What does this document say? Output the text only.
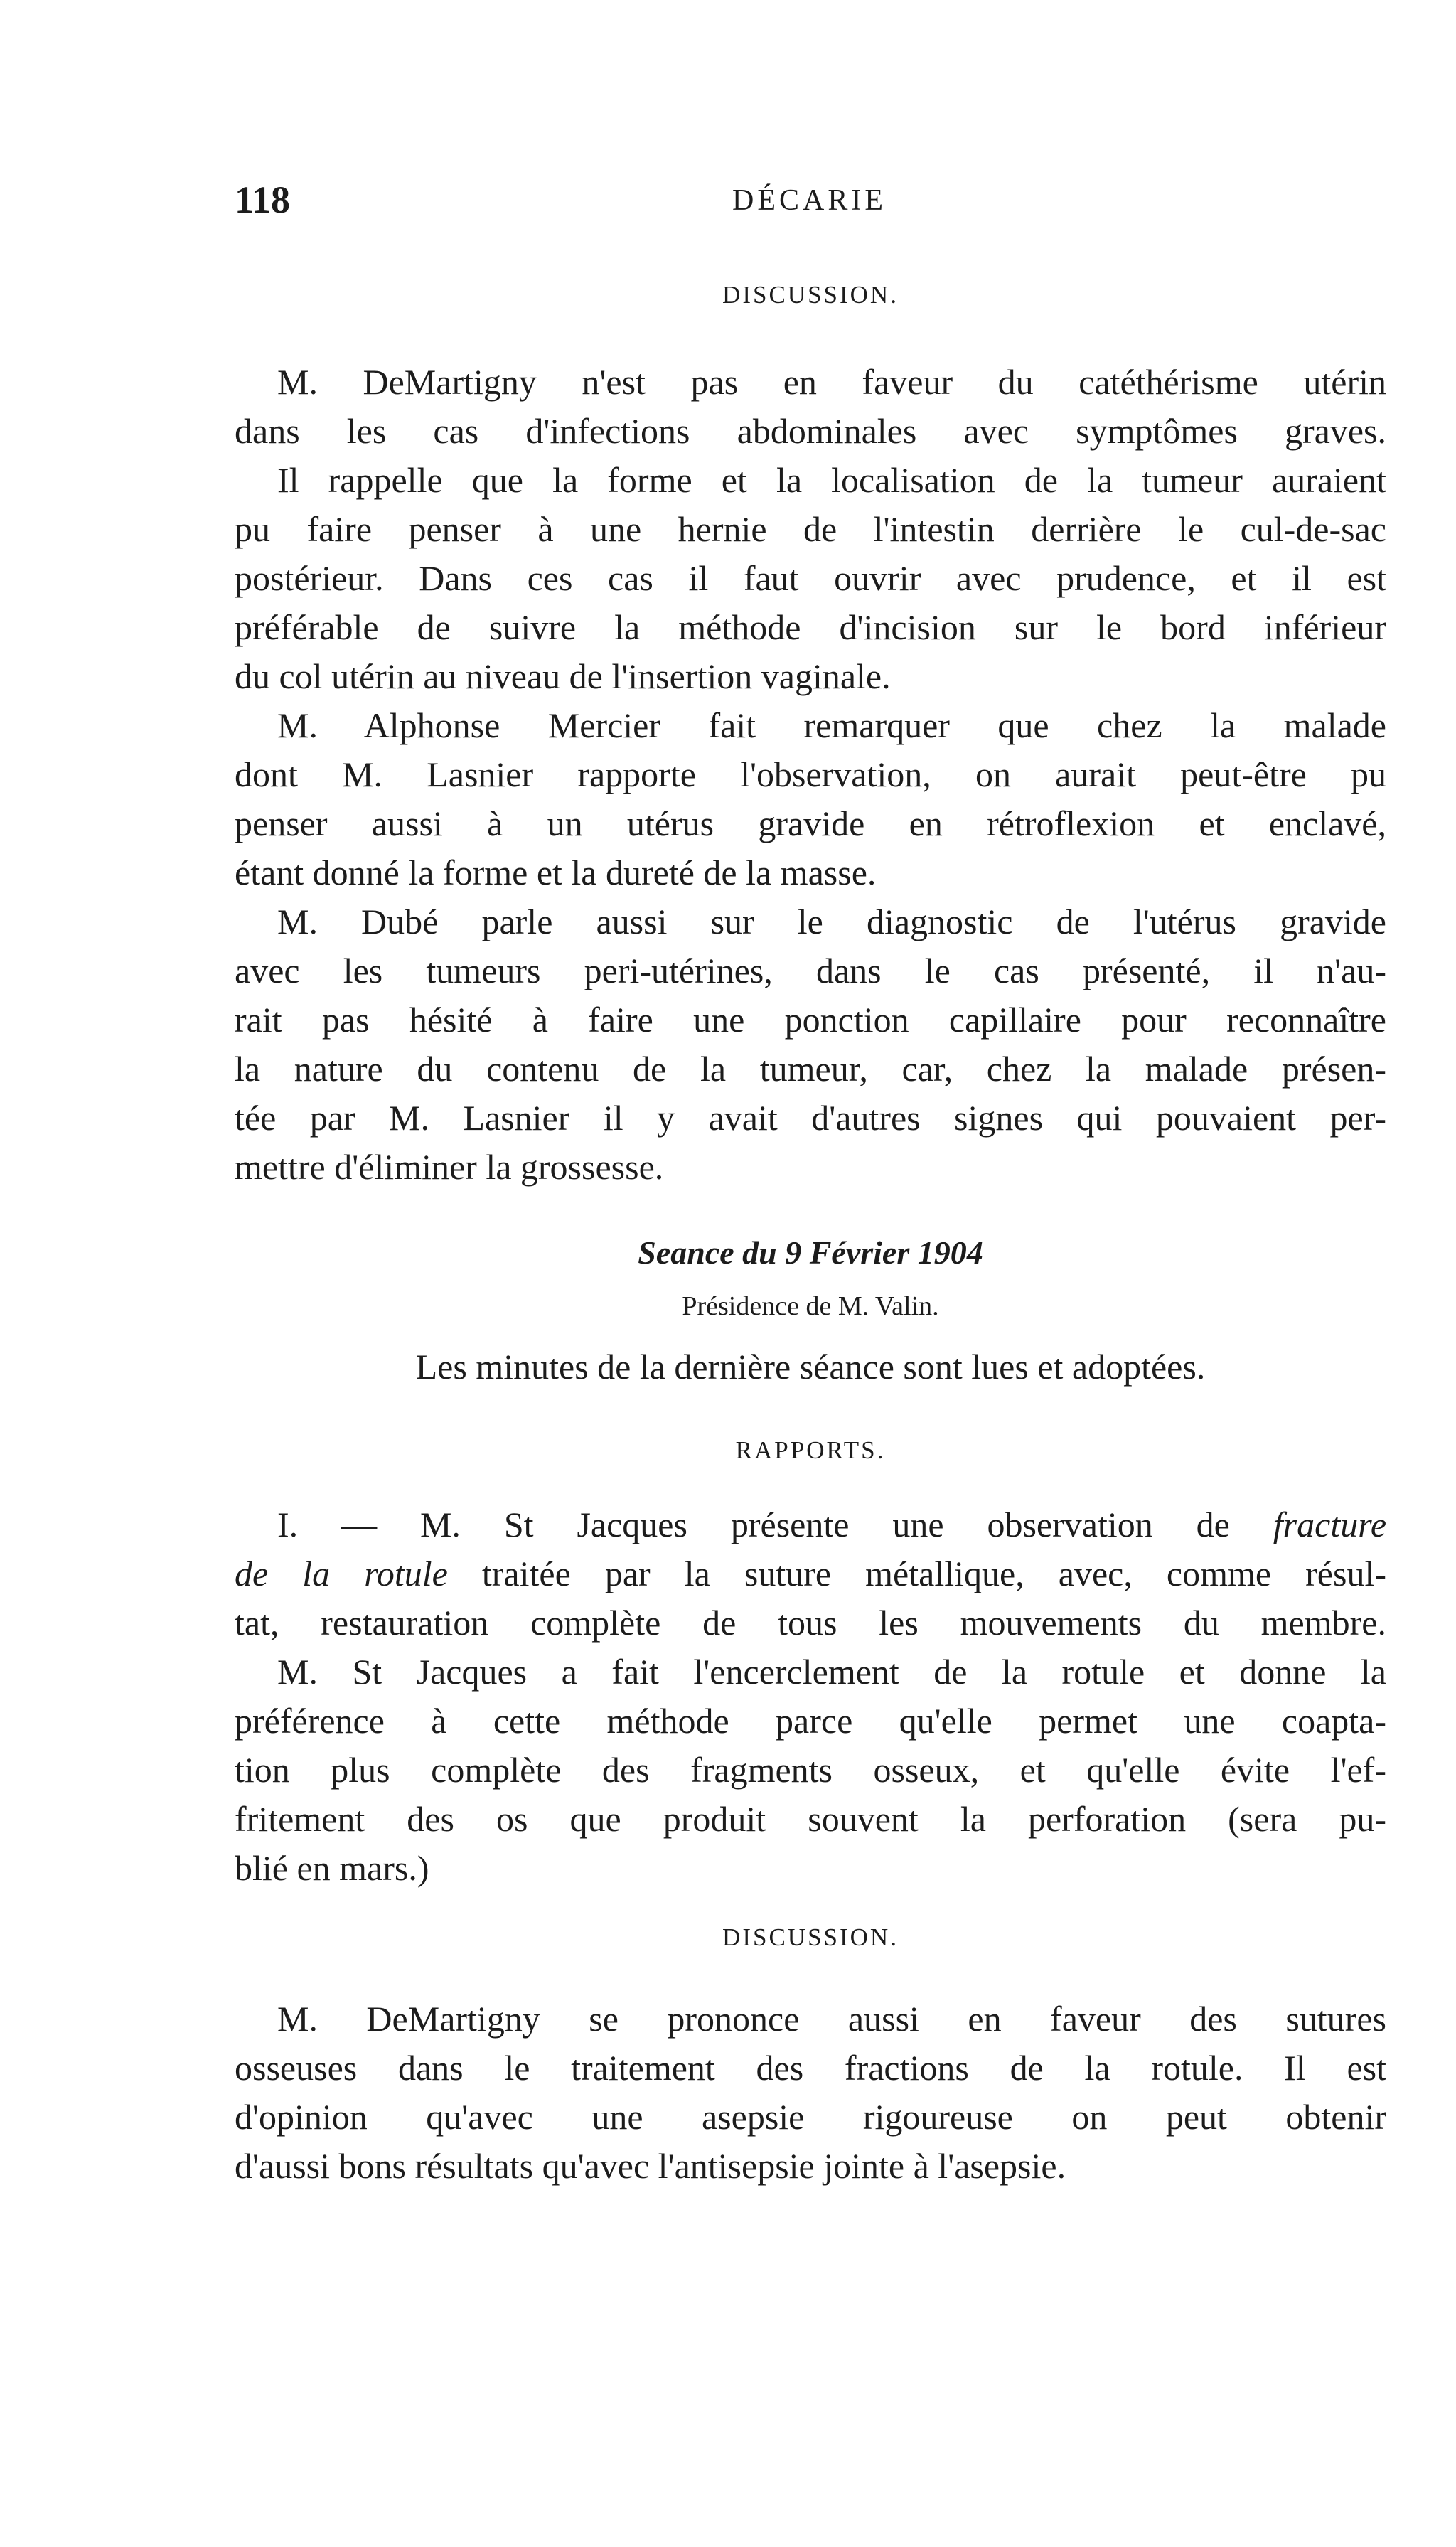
118	DÉCARIE
DISCUSSION.
M. DeMartigny n'est pas en faveur du catéthérisme utérin
dans les cas d'infections abdominales avec symptômes graves.
Il rappelle que la forme et la localisation de la tumeur auraient
pu faire penser à une hernie de l'intestin derrière le cul-de-sac
postérieur. Dans ces cas il faut ouvrir avec prudence, et il est
préférable de suivre la méthode d'incision sur le bord inférieur
du col utérin au niveau de l'insertion vaginale.
M. Alphonse Mercier fait remarquer que chez la malade
dont M. Lasnier rapporte l'observation, on aurait peut-être pu
penser aussi à un utérus gravide en rétroflexion et enclavé,
étant donné la forme et la dureté de la masse.
M. Dubé parle aussi sur le diagnostic de l'utérus gravide
avec les tumeurs peri-utérines, dans le cas présenté, il n'au-
rait pas hésité à faire une ponction capillaire pour reconnaître
la nature du contenu de la tumeur, car, chez la malade présen-
tée par M. Lasnier il y avait d'autres signes qui pouvaient per-
mettre d'éliminer la grossesse.
Seance du 9 Février 1904
Présidence de M. Valin.
Les minutes de la dernière séance sont lues et adoptées.
RAPPORTS.
I. — M. St Jacques présente une observation de fracture
de la rotule traitée par la suture métallique, avec, comme résul-
tat, restauration complète de tous les mouvements du membre.
M. St Jacques a fait l'encerclement de la rotule et donne la
préférence à cette méthode parce qu'elle permet une coapta-
tion plus complète des fragments osseux, et qu'elle évite l'ef-
fritement des os que produit souvent la perforation (sera pu-
blié en mars.)
DISCUSSION.
M. DeMartigny se prononce aussi en faveur des sutures
osseuses dans le traitement des fractions de la rotule. Il est
d'opinion qu'avec une asepsie rigoureuse on peut obtenir
d'aussi bons résultats qu'avec l'antisepsie jointe à l'asepsie.
